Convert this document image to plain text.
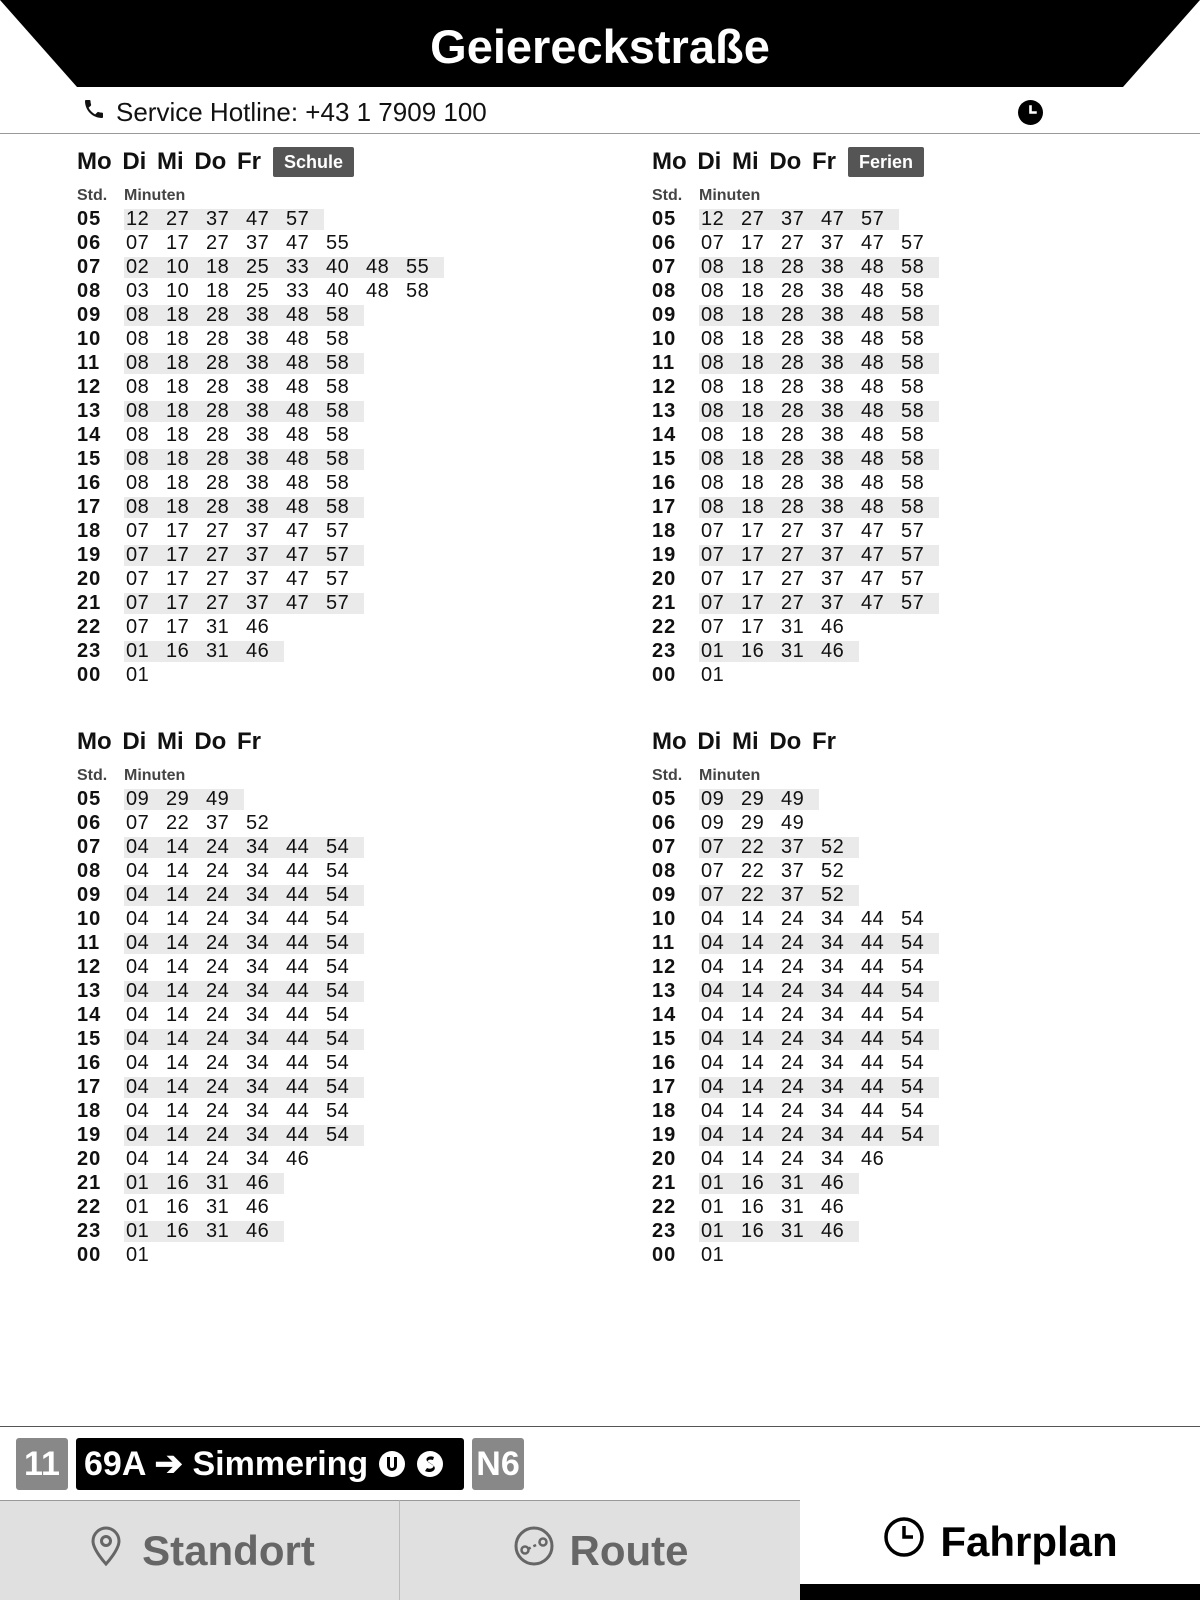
Geiereckstraße
Service Hotline: +43 1 7909 100
Mo Di Mi Do Fr	Schule
Std.	Minuten
05	12 27 37 47 57
06	07 17 27 37 47 55
07	02 10 18 25 33 40 48 55
08	03 10 18 25 33 40 48 58
09	08 18 28 38 48 58
10	08 18 28 38 48 58
11	08 18 28 38 48 58
12	08 18 28 38 48 58
13	08 18 28 38 48 58
14	08 18 28 38 48 58
15	08 18 28 38 48 58
16	08 18 28 38 48 58
17	08 18 28 38 48 58
18	07 17 27 37 47 57
19	07 17 27 37 47 57
20	07 17 27 37 47 57
21	07 17 27 37 47 57
22	07 17 31 46
23	01 16 31 46
00	01
Mo Di Mi Do Fr	Ferien
Std.	Minuten
05	12 27 37 47 57
06	07 17 27 37 47 57
07	08 18 28 38 48 58
08	08 18 28 38 48 58
09	08 18 28 38 48 58
10	08 18 28 38 48 58
11	08 18 28 38 48 58
12	08 18 28 38 48 58
13	08 18 28 38 48 58
14	08 18 28 38 48 58
15	08 18 28 38 48 58
16	08 18 28 38 48 58
17	08 18 28 38 48 58
18	07 17 27 37 47 57
19	07 17 27 37 47 57
20	07 17 27 37 47 57
21	07 17 27 37 47 57
22	07 17 31 46
23	01 16 31 46
00	01
Mo Di Mi Do Fr
Std.	Minuten
05	09 29 49
06	07 22 37 52
07	04 14 24 34 44 54
08	04 14 24 34 44 54
09	04 14 24 34 44 54
10	04 14 24 34 44 54
11	04 14 24 34 44 54
12	04 14 24 34 44 54
13	04 14 24 34 44 54
14	04 14 24 34 44 54
15	04 14 24 34 44 54
16	04 14 24 34 44 54
17	04 14 24 34 44 54
18	04 14 24 34 44 54
19	04 14 24 34 44 54
20	04 14 24 34 46
21	01 16 31 46
22	01 16 31 46
23	01 16 31 46
00	01
Mo Di Mi Do Fr
Std.	Minuten
05	09 29 49
06	09 29 49
07	07 22 37 52
08	07 22 37 52
09	07 22 37 52
10	04 14 24 34 44 54
11	04 14 24 34 44 54
12	04 14 24 34 44 54
13	04 14 24 34 44 54
14	04 14 24 34 44 54
15	04 14 24 34 44 54
16	04 14 24 34 44 54
17	04 14 24 34 44 54
18	04 14 24 34 44 54
19	04 14 24 34 44 54
20	04 14 24 34 46
21	01 16 31 46
22	01 16 31 46
23	01 16 31 46
00	01
11 69A ➔ Simmering	N6
Standort	Route	Fahrplan
